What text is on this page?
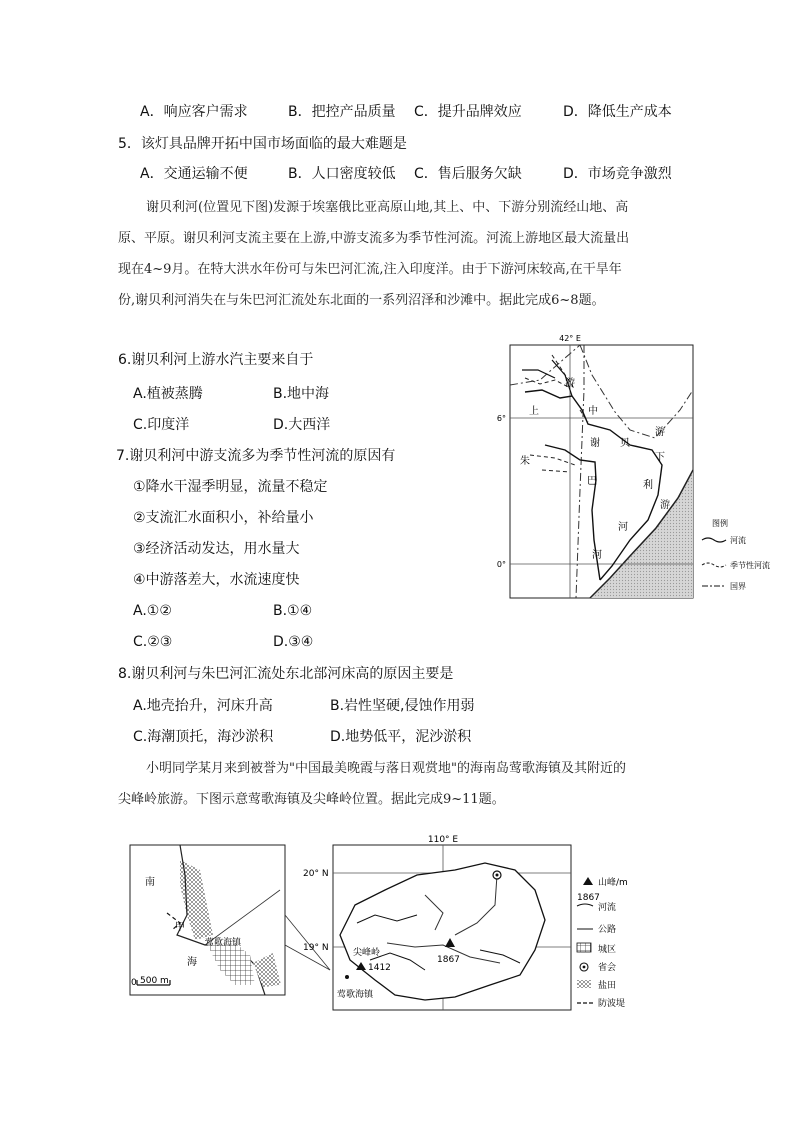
A．响应客户需求	B．把控产品质量 C．提升品牌效应	D．降低生产成本
5．该灯具品牌开拓中国市场面临的最大难题是
A．交通运输不便	B．人口密度较低 C．售后服务欠缺	D．市场竞争激烈
谢贝利河(位置见下图)发源于埃塞俄比亚高原山地,其上、中、下游分别流经山地、高
原、平原。谢贝利河支流主要在上游,中游支流多为季节性河流。河流上游地区最大流量出
现在4~9月。在特大洪水年份可与朱巴河汇流,注入印度洋。由于下游河床较高,在干旱年
份,谢贝利河消失在与朱巴河汇流处东北面的一系列沼泽和沙滩中。据此完成6~8题。
6.谢贝利河上游水汽主要来自于
A.植被蒸腾	B.地中海
C.印度洋	D.大西洋
7.谢贝利河中游支流多为季节性河流的原因有
①降水干湿季明显，流量不稳定
②支流汇水面积小，补给量小
③经济活动发达，用水量大
④中游落差大，水流速度快
A.①②	B.①④
C.②③	D.③④
8.谢贝利河与朱巴河汇流处东北部河床高的原因主要是
A.地壳抬升，河床升高	B.岩性坚硬,侵蚀作用弱
C.海潮顶托，海沙淤积	D.地势低平，泥沙淤积
小明同学某月来到被誉为"中国最美晚霞与落日观赏地"的海南岛莺歌海镇及其附近的
尖峰岭旅游。下图示意莺歌海镇及尖峰岭位置。据此完成9~11题。
42° E
6°
0°
游
上	中
谢 贝
游
下
朱
巴	利
游
河
河
图例
河流
季节性河流
国界
南
甲
海
莺歌海镇
0 500 m
110° E
20° N
19° N
1867
尖峰岭
1412
莺歌海镇
山峰/m
1867
河流
公路
城区
省会
盐田
防波堤
